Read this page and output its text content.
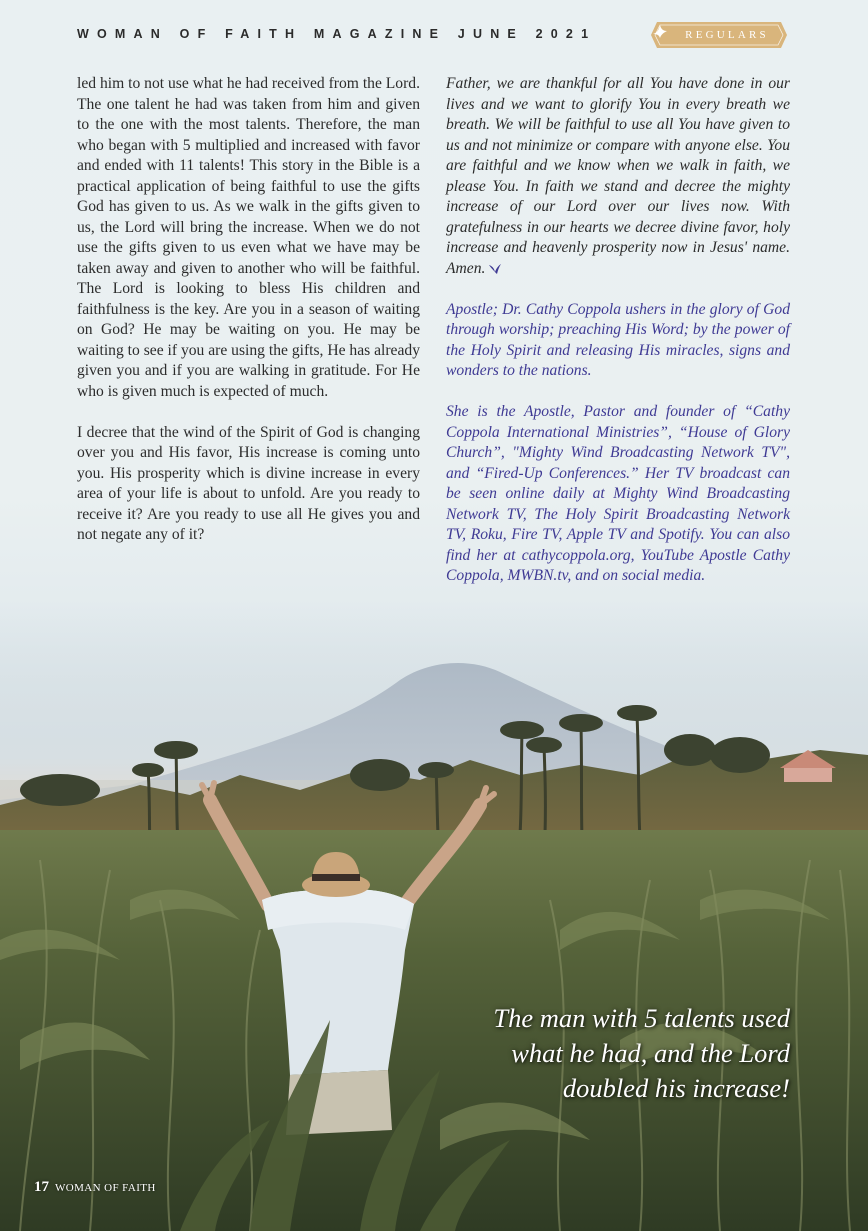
WOMAN OF FAITH MAGAZINE JUNE 2021	REGULARS

led him to not use what he had received from the Lord. The one talent he had was taken from him and given to the one with the most talents. Therefore, the man who began with 5 multiplied and increased with favor and ended with 11 talents! This story in the Bible is a practical application of being faithful to use the gifts God has given to us. As we walk in the gifts given to us, the Lord will bring the increase. When we do not use the gifts given to us even what we have may be taken away and given to another who will be faithful. The Lord is looking to bless His children and faithfulness is the key. Are you in a season of waiting on God? He may be waiting on you. He may be waiting to see if you are using the gifts, He has already given you and if you are walking in gratitude. For He who is given much is expected of much.

I decree that the wind of the Spirit of God is changing over you and His favor, His increase is coming unto you. His prosperity which is divine increase in every area of your life is about to unfold. Are you ready to receive it? Are you ready to use all He gives you and not negate any of it?

Father, we are thankful for all You have done in our lives and we want to glorify You in every breath we breath. We will be faithful to use all You have given to us and not minimize or compare with anyone else. You are faithful and we know when we walk in faith, we please You. In faith we stand and decree the mighty increase of our Lord over our lives now. With gratefulness in our hearts we decree divine favor, holy increase and heavenly prosperity now in Jesus' name. Amen.

Apostle; Dr. Cathy Coppola ushers in the glory of God through worship; preaching His Word; by the power of the Holy Spirit and releasing His miracles, signs and wonders to the nations.

She is the Apostle, Pastor and founder of “Cathy Coppola International Ministries”, “House of Glory Church”, "Mighty Wind Broadcasting Network TV", and “Fired-Up Conferences.” Her TV broadcast can be seen online daily at Mighty Wind Broadcasting Network TV, The Holy Spirit Broadcasting Network TV, Roku, Fire TV, Apple TV and Spotify. You can also find her at cathycoppola.org, YouTube Apostle Cathy Coppola, MWBN.tv, and on social media.

The man with 5 talents used
what he had, and the Lord
doubled his increase!
17 WOMAN OF FAITH
